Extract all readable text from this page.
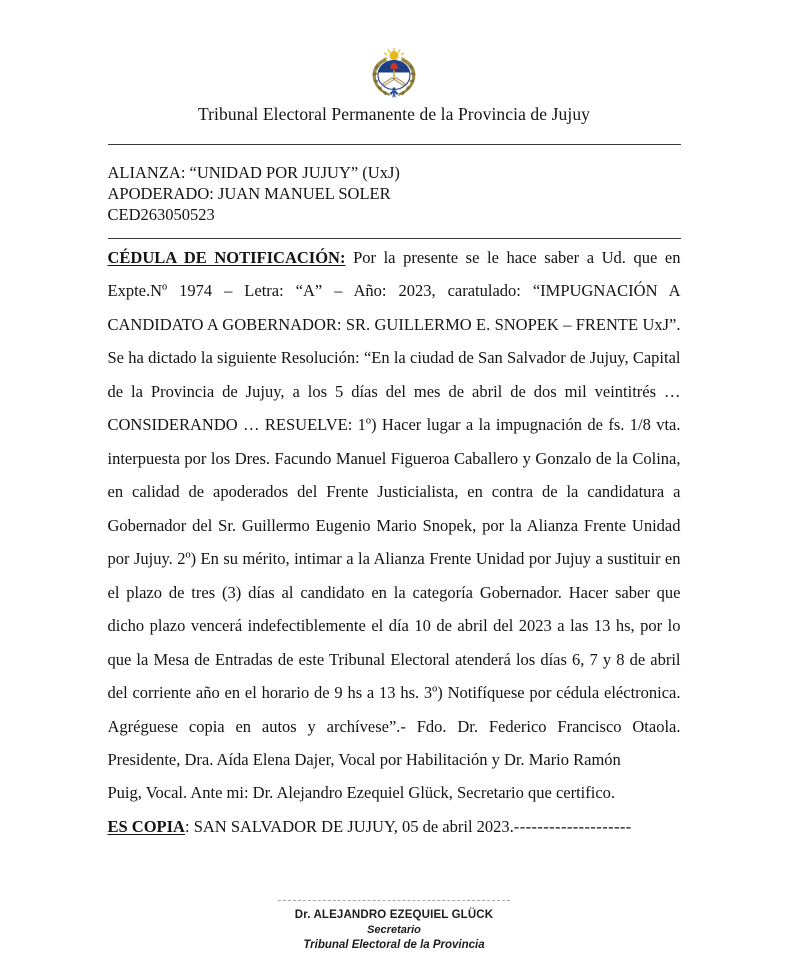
Tribunal Electoral Permanente de la Provincia de Jujuy
ALIANZA: “UNIDAD POR JUJUY” (UxJ)
APODERADO: JUAN MANUEL SOLER
CED263050523

CÉDULA DE NOTIFICACIÓN: Por la presente se le hace saber a Ud. que en Expte.Nº 1974 – Letra: “A” – Año: 2023, caratulado: “IMPUGNACIÓN A CANDIDATO A GOBERNADOR: SR. GUILLERMO E. SNOPEK – FRENTE UxJ”. Se ha dictado la siguiente Resolución: “En la ciudad de San Salvador de Jujuy, Capital de la Provincia de Jujuy, a los 5 días del mes de abril de dos mil veintitrés … CONSIDERANDO … RESUELVE: 1º) Hacer lugar a la impugnación de fs. 1/8 vta. interpuesta por los Dres. Facundo Manuel Figueroa Caballero y Gonzalo de la Colina, en calidad de apoderados del Frente Justicialista, en contra de la candidatura a Gobernador del Sr. Guillermo Eugenio Mario Snopek, por la Alianza Frente Unidad por Jujuy. 2º) En su mérito, intimar a la Alianza Frente Unidad por Jujuy a sustituir en el plazo de tres (3) días al candidato en la categoría Gobernador. Hacer saber que dicho plazo vencerá indefectiblemente el día 10 de abril del 2023 a las 13 hs, por lo que la Mesa de Entradas de este Tribunal Electoral atenderá los días 6, 7 y 8 de abril del corriente año en el horario de 9 hs a 13 hs. 3º) Notifíquese por cédula eléctronica. Agréguese copia en autos y archívese”.- Fdo. Dr. Federico Francisco Otaola. Presidente, Dra. Aída Elena Dajer, Vocal por Habilitación y Dr. Mario Ramón

Puig, Vocal. Ante mi: Dr. Alejandro Ezequiel Glück, Secretario que certifico.

ES COPIA: SAN SALVADOR DE JUJUY, 05 de abril 2023.--------------------
Dr. ALEJANDRO EZEQUIEL GLÜCK
Secretario
Tribunal Electoral de la Provincia
